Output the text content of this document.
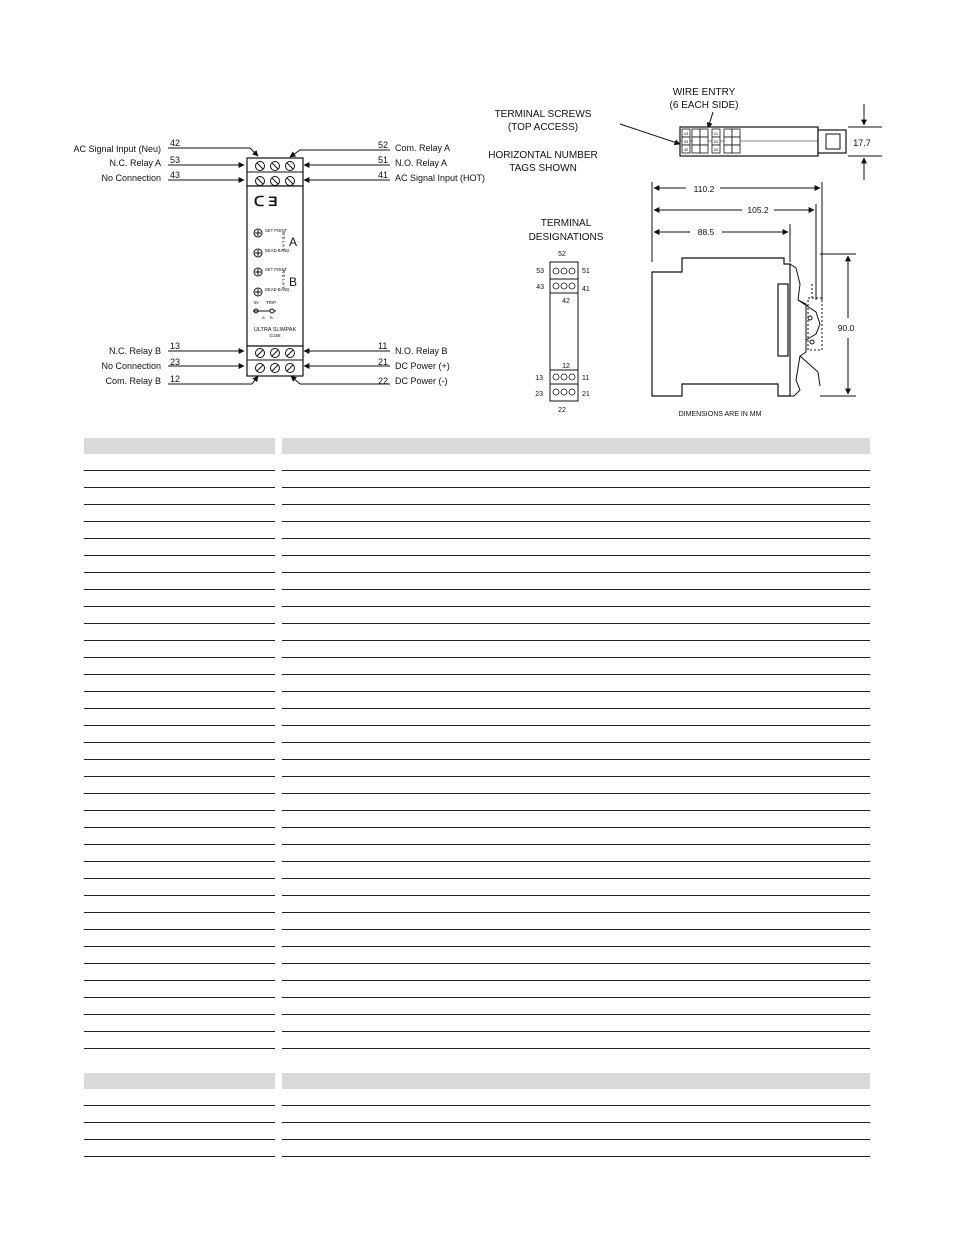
AC Signal Input (Neu)
N.C. Relay A
No Connection
N.C. Relay B
No Connection
Com. Relay B
42
53
43
13
23
12
52
51
41
11
21
22
Com. Relay A
N.O. Relay A
AC Signal Input (HOT)
N.O. Relay B
DC Power (+)
DC Power (-)
ᑕ Ǝ
SET POINT
DEAD BAND
SET POINT
DEAD BAND
A
B
R E L A Y
R E L A Y
IN TRIP
A B
ULTRA SLIMPAK
G158
TERMINAL SCREWS
(TOP ACCESS)
HORIZONTAL NUMBER
TAGS SHOWN
WIRE ENTRY
(6 EACH SIDE)
43
53
42
41
51
52
17.7
TERMINAL
DESIGNATIONS
52
53	51
43	41
42
12
13	11
23	21
22
110.2
105.2
88.5
90.0
DIMENSIONS ARE IN MM
